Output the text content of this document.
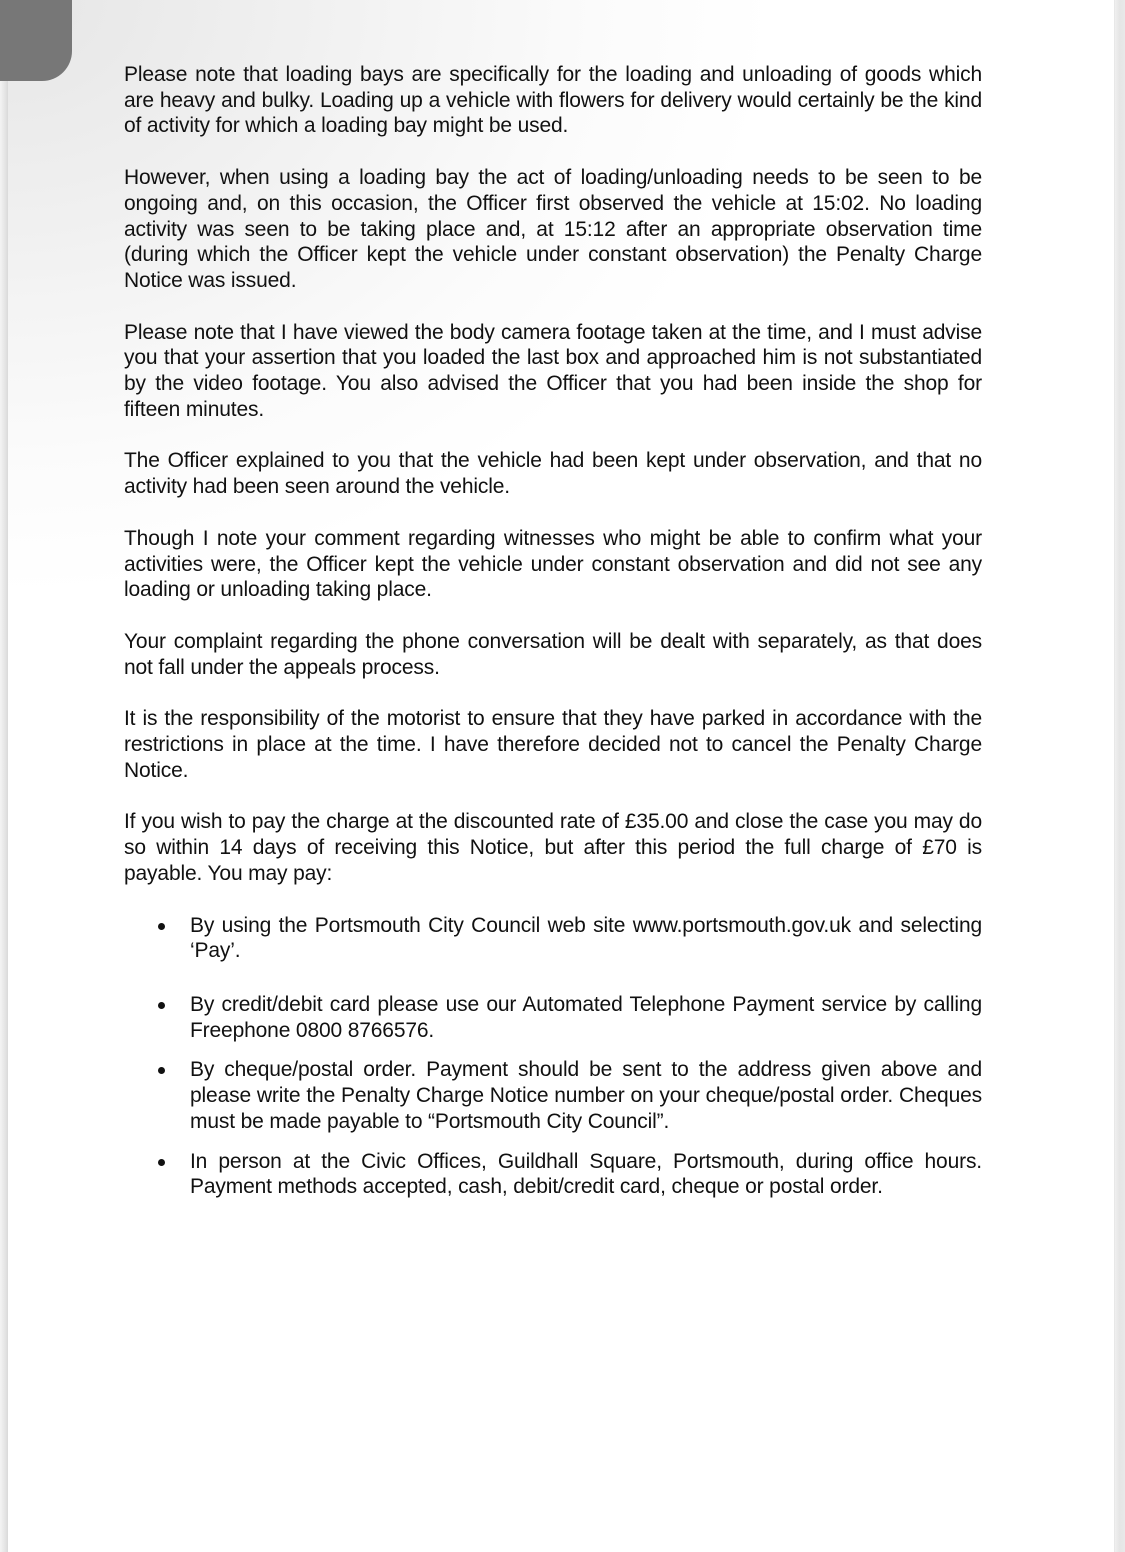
Please note that loading bays are specifically for the loading and unloading of goods which are heavy and bulky. Loading up a vehicle with flowers for delivery would certainly be the kind of activity for which a loading bay might be used.

However, when using a loading bay the act of loading/unloading needs to be seen to be ongoing and, on this occasion, the Officer first observed the vehicle at 15:02. No loading activity was seen to be taking place and, at 15:12 after an appropriate observation time (during which the Officer kept the vehicle under constant observation) the Penalty Charge Notice was issued.

Please note that I have viewed the body camera footage taken at the time, and I must advise you that your assertion that you loaded the last box and approached him is not substantiated by the video footage. You also advised the Officer that you had been inside the shop for fifteen minutes.

The Officer explained to you that the vehicle had been kept under observation, and that no activity had been seen around the vehicle.

Though I note your comment regarding witnesses who might be able to confirm what your activities were, the Officer kept the vehicle under constant observation and did not see any loading or unloading taking place.

Your complaint regarding the phone conversation will be dealt with separately, as that does not fall under the appeals process.

It is the responsibility of the motorist to ensure that they have parked in accordance with the restrictions in place at the time. I have therefore decided not to cancel the Penalty Charge Notice.

If you wish to pay the charge at the discounted rate of £35.00 and close the case you may do so within 14 days of receiving this Notice, but after this period the full charge of £70 is payable. You may pay:

By using the Portsmouth City Council web site www.portsmouth.gov.uk and selecting ‘Pay’.
By credit/debit card please use our Automated Telephone Payment service by calling Freephone 0800 8766576.
By cheque/postal order. Payment should be sent to the address given above and please write the Penalty Charge Notice number on your cheque/postal order. Cheques must be made payable to “Portsmouth City Council”.
In person at the Civic Offices, Guildhall Square, Portsmouth, during office hours. Payment methods accepted, cash, debit/credit card, cheque or postal order.
